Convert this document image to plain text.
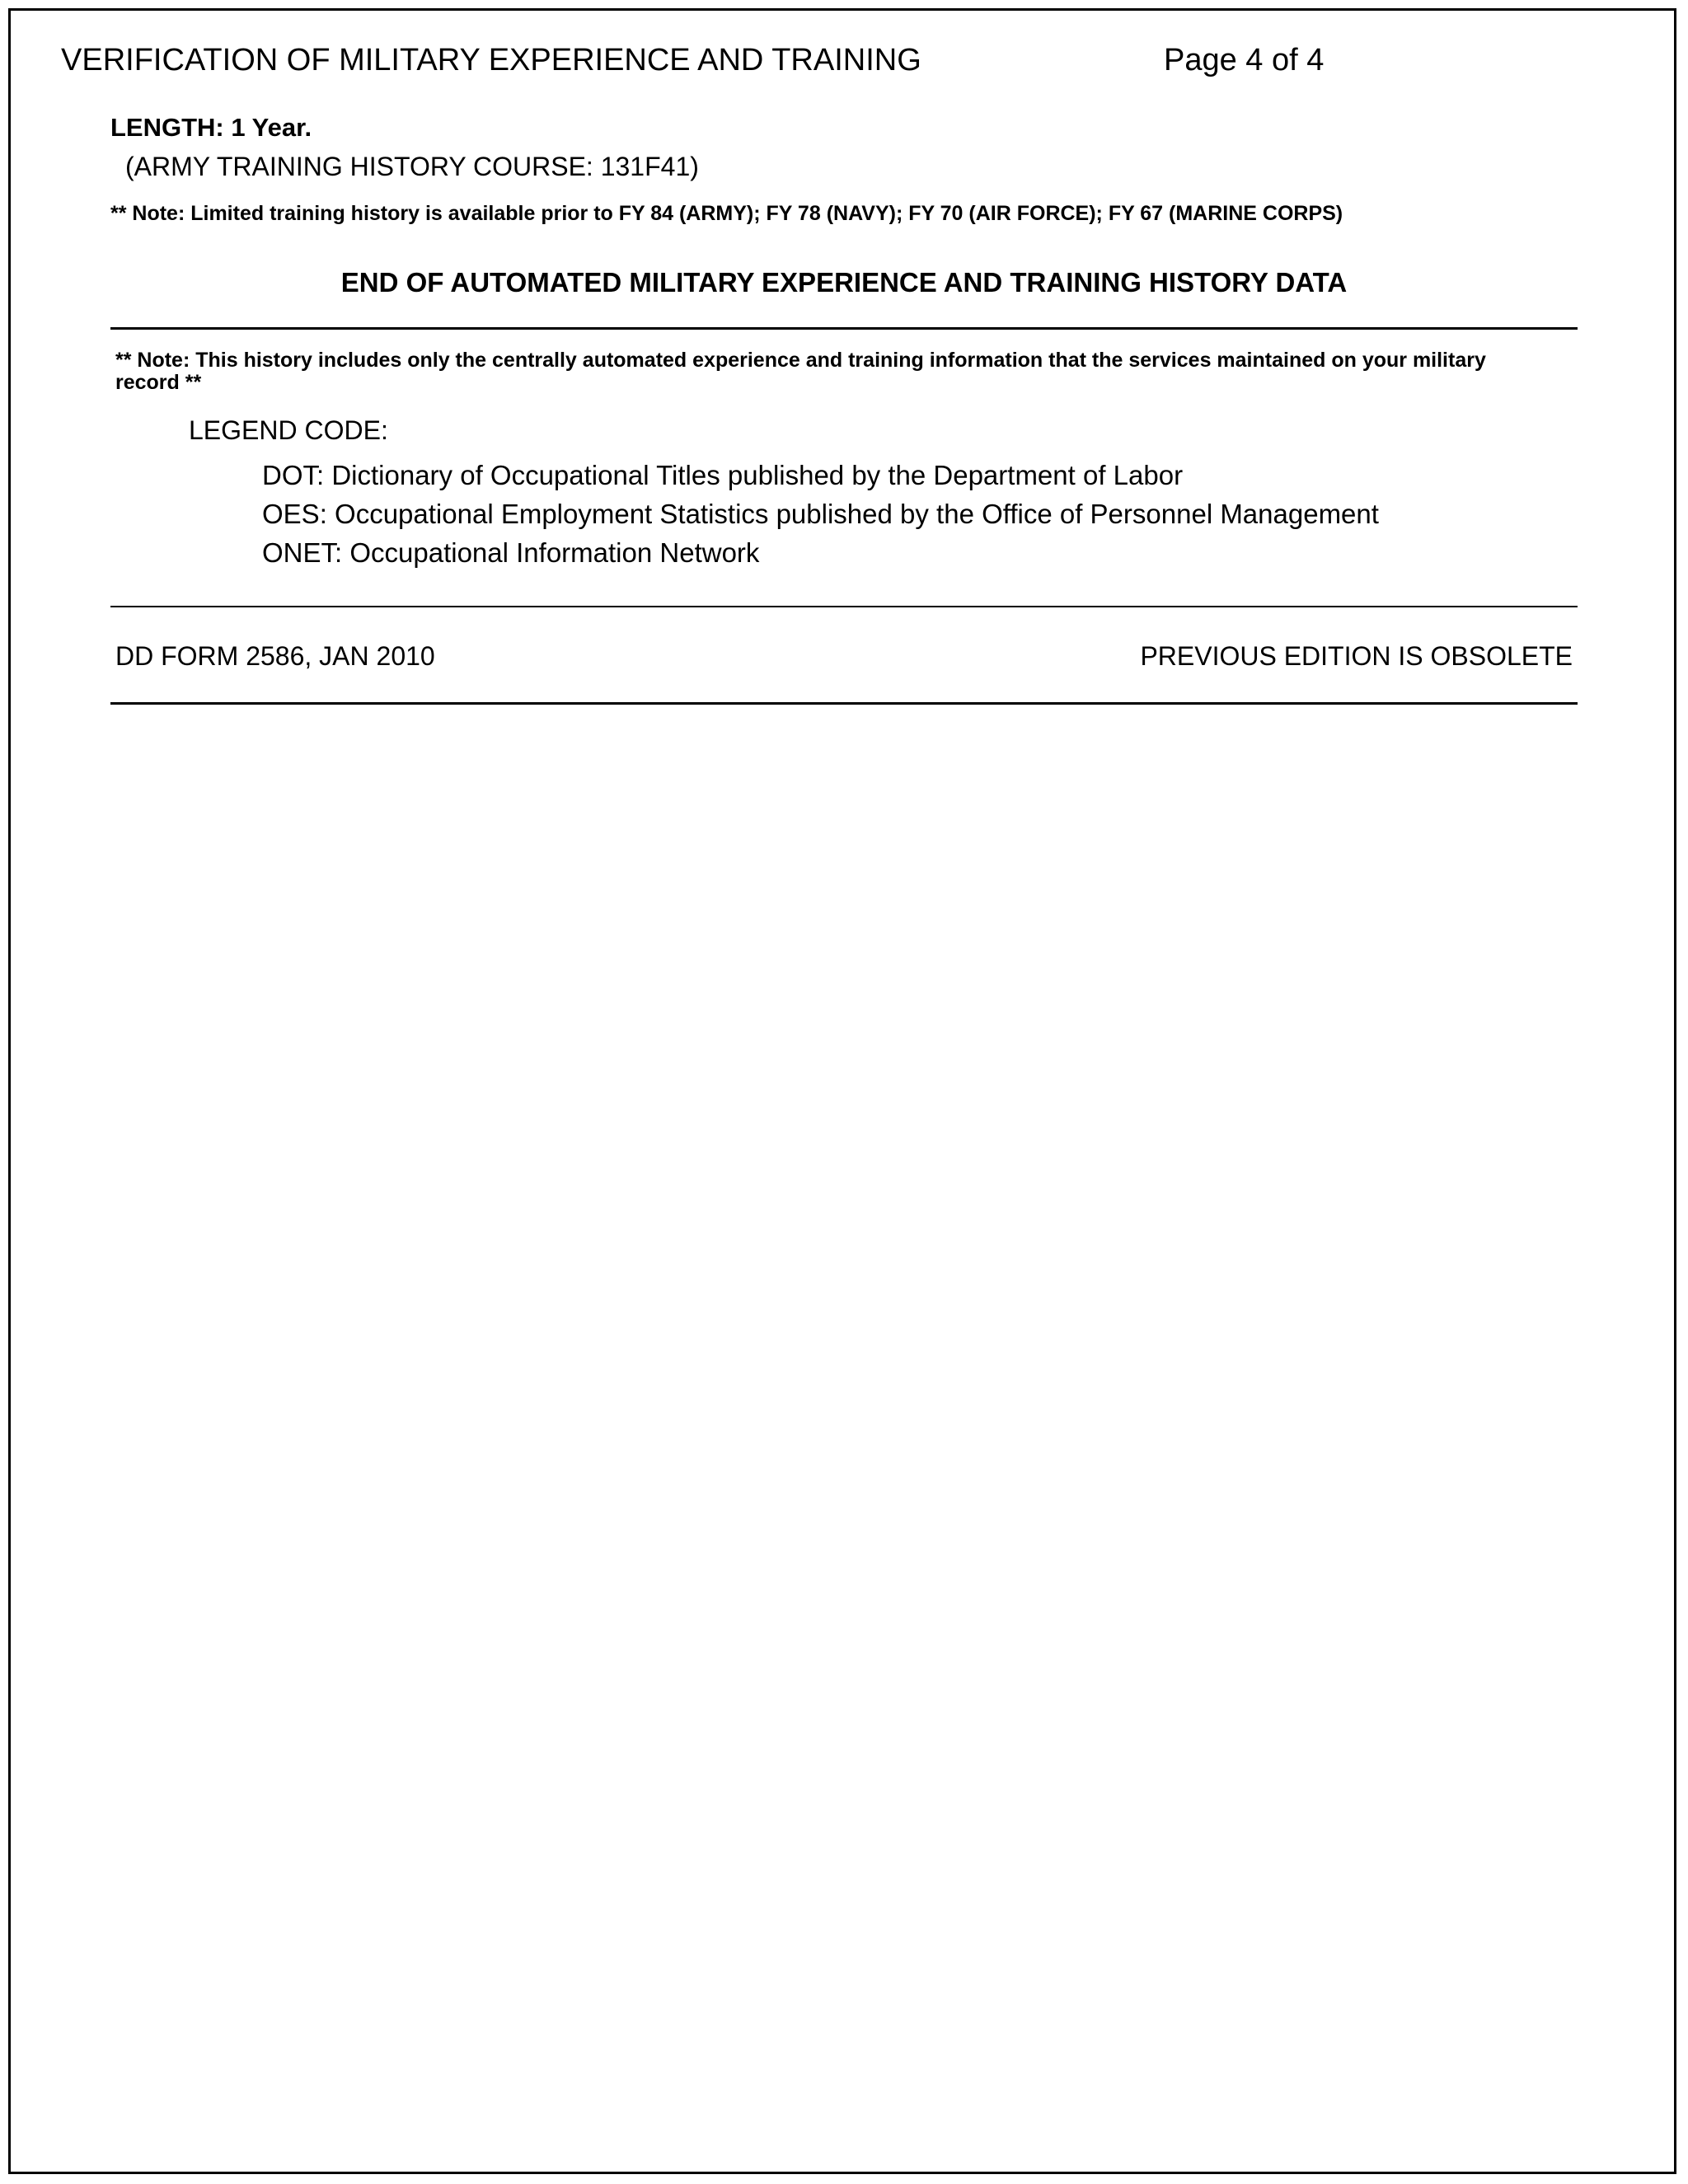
VERIFICATION OF MILITARY EXPERIENCE AND TRAINING	Page 4 of 4
LENGTH: 1 Year.
(ARMY TRAINING HISTORY COURSE: 131F41)
** Note: Limited training history is available prior to FY 84 (ARMY); FY 78 (NAVY); FY 70 (AIR FORCE); FY 67 (MARINE CORPS)
END OF AUTOMATED MILITARY EXPERIENCE AND TRAINING HISTORY DATA
** Note: This history includes only the centrally automated experience and training information that the services maintained on your military record **
LEGEND CODE:
DOT: Dictionary of Occupational Titles published by the Department of Labor
OES: Occupational Employment Statistics published by the Office of Personnel Management
ONET: Occupational Information Network
DD FORM 2586, JAN 2010	PREVIOUS EDITION IS OBSOLETE
